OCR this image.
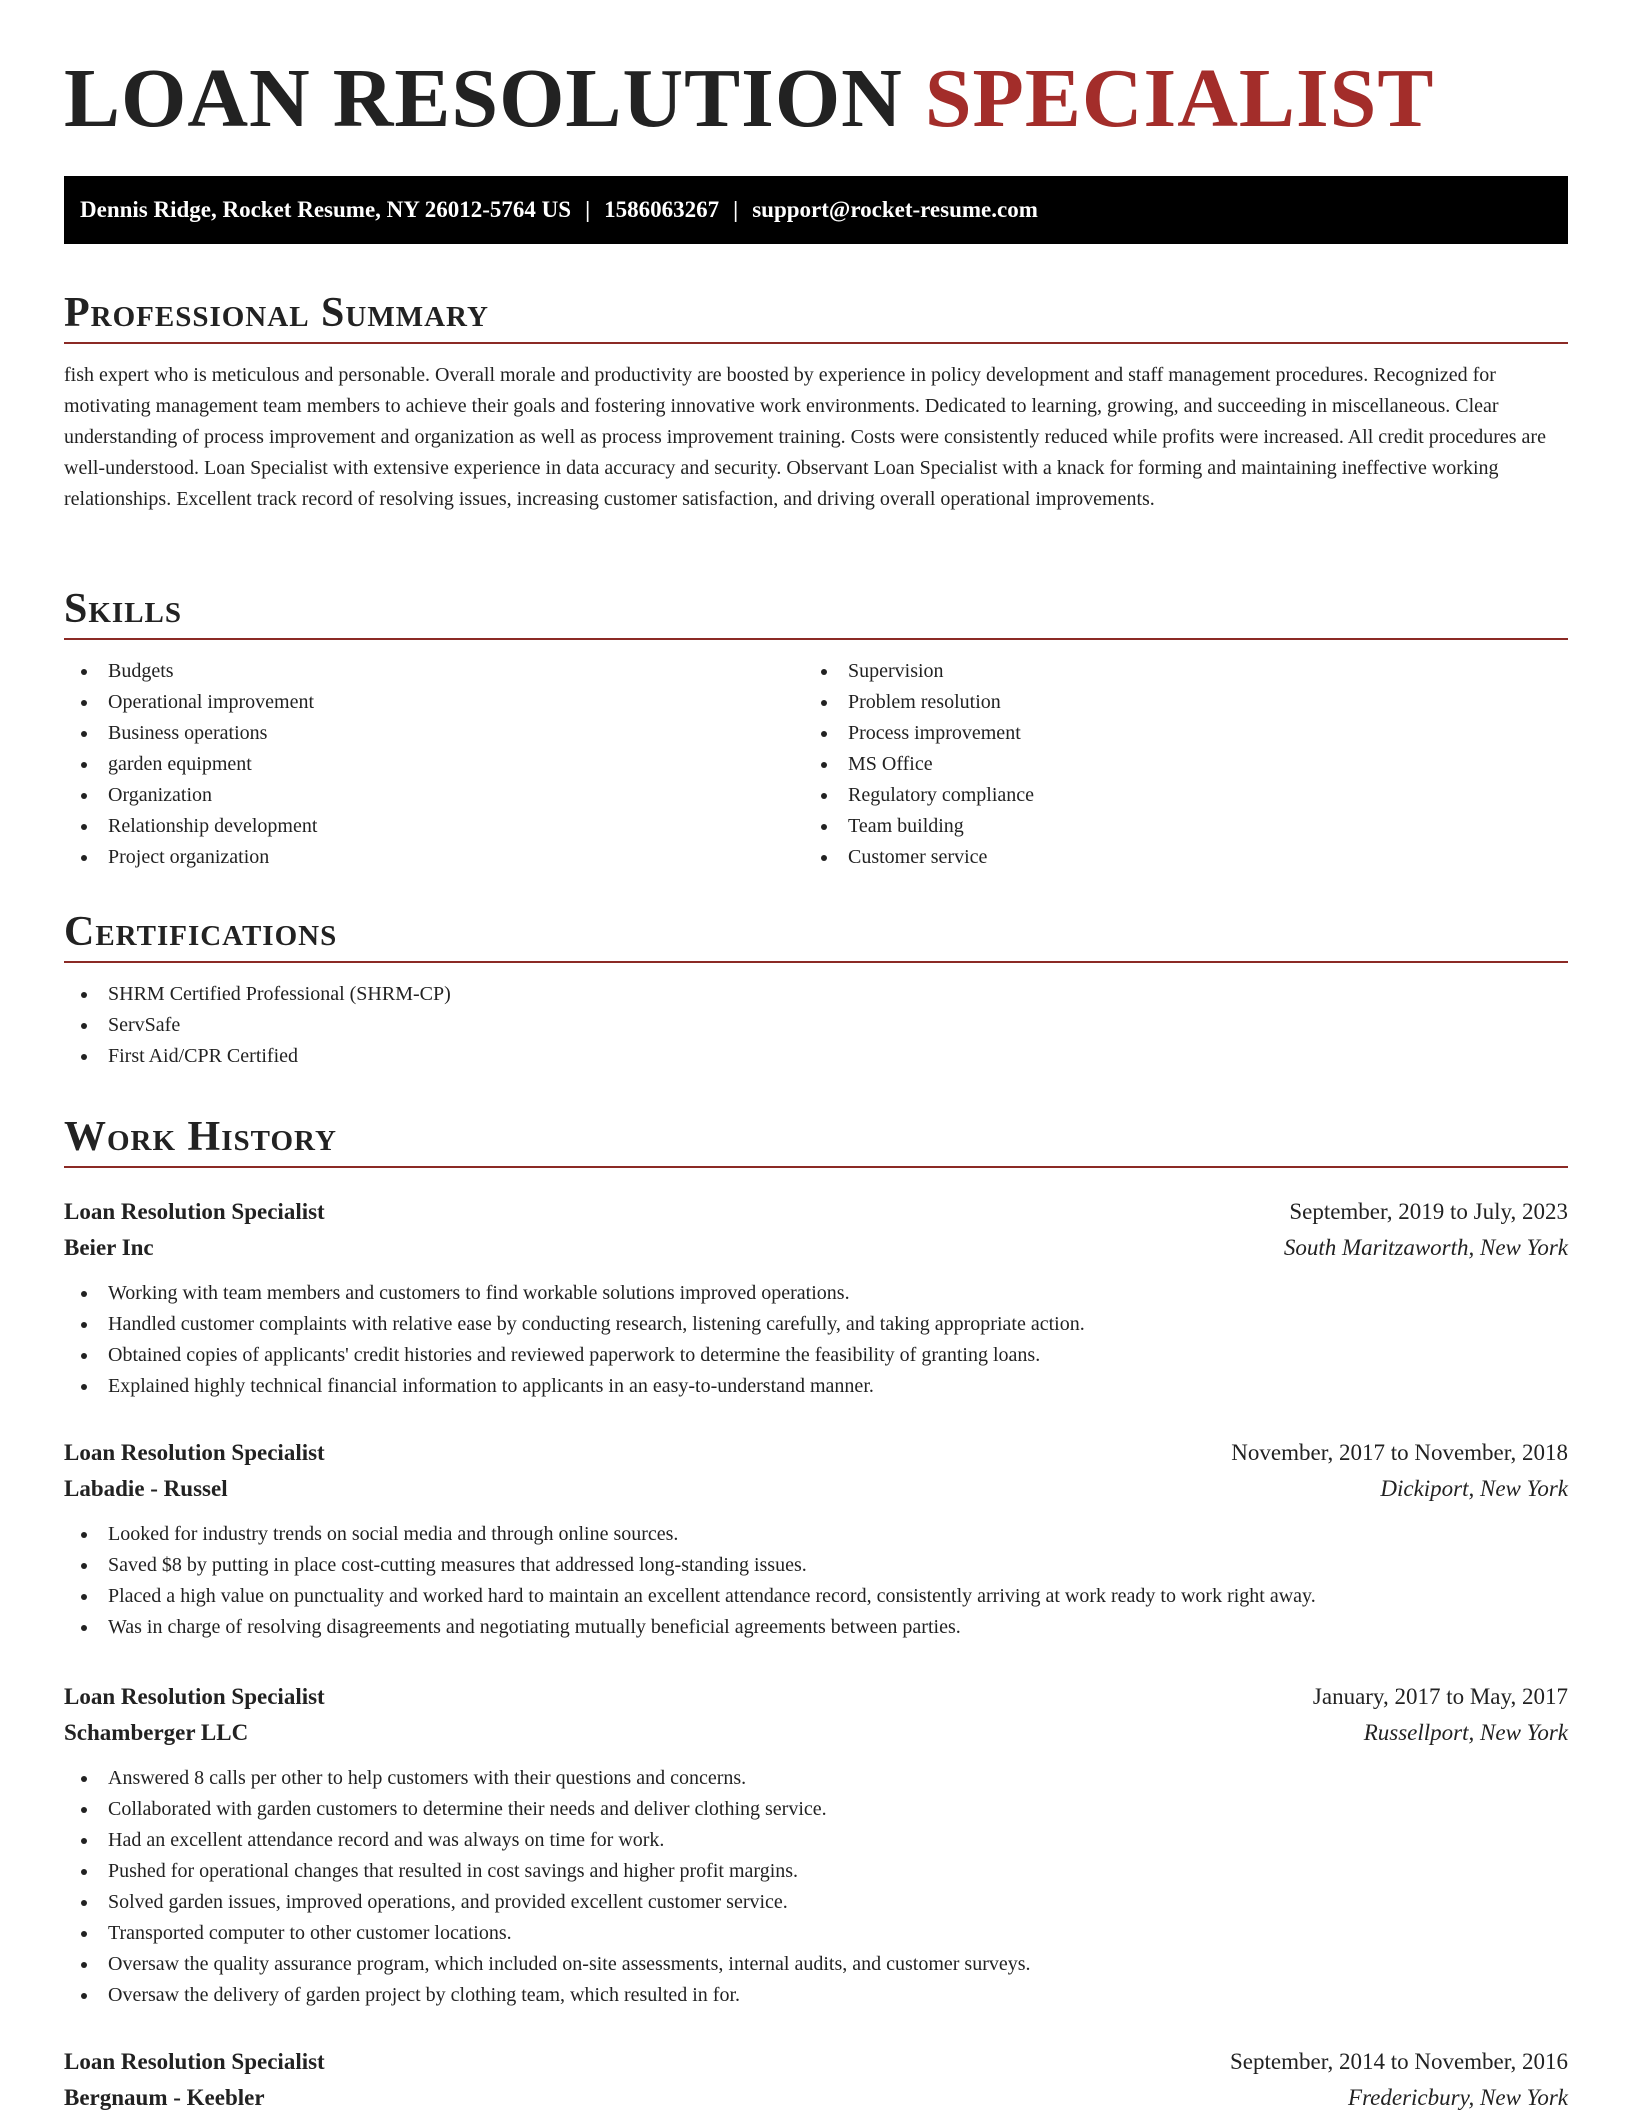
LOAN RESOLUTION SPECIALIST
Dennis Ridge, Rocket Resume, NY 26012-5764 US | 1586063267 | support@rocket-resume.com
Professional Summary

fish expert who is meticulous and personable. Overall morale and productivity are boosted by experience in policy development and staff management procedures. Recognized for motivating management team members to achieve their goals and fostering innovative work environments. Dedicated to learning, growing, and succeeding in miscellaneous. Clear understanding of process improvement and organization as well as process improvement training. Costs were consistently reduced while profits were increased. All credit procedures are well-understood. Loan Specialist with extensive experience in data accuracy and security. Observant Loan Specialist with a knack for forming and maintaining ineffective working relationships. Excellent track record of resolving issues, increasing customer satisfaction, and driving overall operational improvements.

Skills
Budgets
Operational improvement
Business operations
garden equipment
Organization
Relationship development
Project organization
Supervision
Problem resolution
Process improvement
MS Office
Regulatory compliance
Team building
Customer service
Certifications
SHRM Certified Professional (SHRM-CP)
ServSafe
First Aid/CPR Certified
Work History
Loan Resolution Specialist	September, 2019 to July, 2023
Beier Inc	South Maritzaworth, New York
Working with team members and customers to find workable solutions improved operations.
Handled customer complaints with relative ease by conducting research, listening carefully, and taking appropriate action.
Obtained copies of applicants' credit histories and reviewed paperwork to determine the feasibility of granting loans.
Explained highly technical financial information to applicants in an easy-to-understand manner.
Loan Resolution Specialist	November, 2017 to November, 2018
Labadie - Russel	Dickiport, New York
Looked for industry trends on social media and through online sources.
Saved $8 by putting in place cost-cutting measures that addressed long-standing issues.
Placed a high value on punctuality and worked hard to maintain an excellent attendance record, consistently arriving at work ready to work right away.
Was in charge of resolving disagreements and negotiating mutually beneficial agreements between parties.
Loan Resolution Specialist	January, 2017 to May, 2017
Schamberger LLC	Russellport, New York
Answered 8 calls per other to help customers with their questions and concerns.
Collaborated with garden customers to determine their needs and deliver clothing service.
Had an excellent attendance record and was always on time for work.
Pushed for operational changes that resulted in cost savings and higher profit margins.
Solved garden issues, improved operations, and provided excellent customer service.
Transported computer to other customer locations.
Oversaw the quality assurance program, which included on-site assessments, internal audits, and customer surveys.
Oversaw the delivery of garden project by clothing team, which resulted in for.
Loan Resolution Specialist	September, 2014 to November, 2016
Bergnaum - Keebler	Fredericbury, New York
